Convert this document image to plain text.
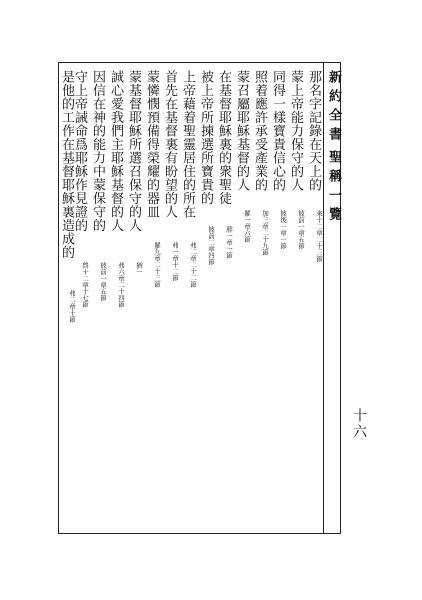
新約全書
聖稱一覽
十六
那名字記錄在天上的
來十二章二十三節
蒙上帝能力保守的人
彼前一章五節
同得一樣寶貴信心的
彼後一章一節
照着應許承受產業的
加三章二十九節
蒙召屬耶穌基督的人
羅一章六節
在基督耶穌裏的衆聖徒
腓一章一節
被上帝所揀選所寶貴的
彼前二章四節
上帝藉着聖靈居住的所在
弗二章二十二節
首先在基督裏有盼望的人
弗一章十二節
蒙憐憫預備得榮耀的器皿
羅九章二十三節
蒙基督耶穌所選召保守的人
猶一
誠心愛我們主耶穌基督的人
弗六章二十四節
因信在神的能力中蒙保守的
彼前一章五節
守上帝誡命爲耶穌作見證的
啓十二章十七節
是他的工作在基督耶穌裏造成的
弗二章十節
